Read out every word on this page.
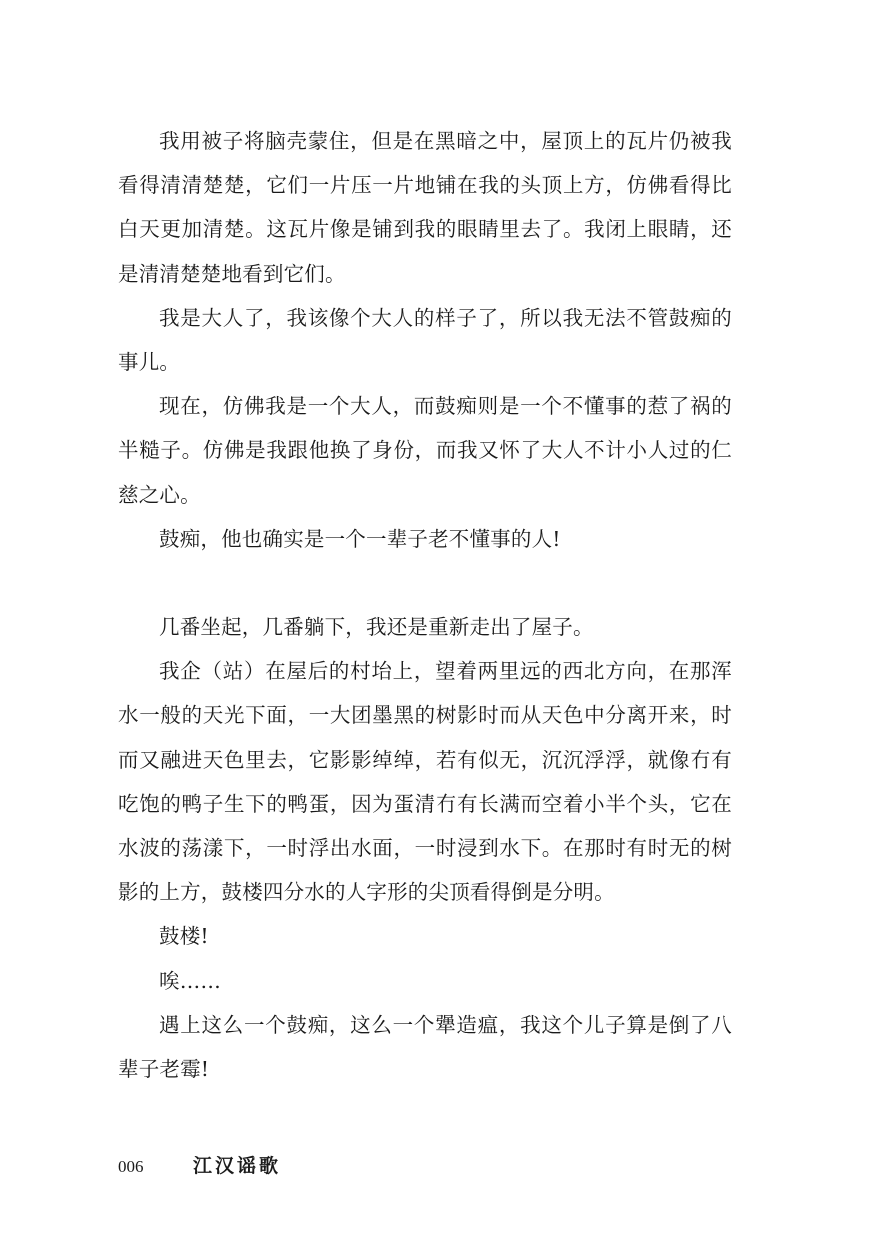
我用被子将脑壳蒙住，但是在黑暗之中，屋顶上的瓦片仍被我看得清清楚楚，它们一片压一片地铺在我的头顶上方，仿佛看得比白天更加清楚。这瓦片像是铺到我的眼睛里去了。我闭上眼睛，还是清清楚楚地看到它们。

我是大人了，我该像个大人的样子了，所以我无法不管鼓痴的事儿。

现在，仿佛我是一个大人，而鼓痴则是一个不懂事的惹了祸的半糙子。仿佛是我跟他换了身份，而我又怀了大人不计小人过的仁慈之心。

鼓痴，他也确实是一个一辈子老不懂事的人!

几番坐起，几番躺下，我还是重新走出了屋子。

我企（站）在屋后的村坮上，望着两里远的西北方向，在那浑水一般的天光下面，一大团墨黑的树影时而从天色中分离开来，时而又融进天色里去，它影影绰绰，若有似无，沉沉浮浮，就像冇有吃饱的鸭子生下的鸭蛋，因为蛋清冇有长满而空着小半个头，它在水波的荡漾下，一时浮出水面，一时浸到水下。在那时有时无的树影的上方，鼓楼四分水的人字形的尖顶看得倒是分明。

鼓楼!

唉……

遇上这么一个鼓痴，这么一个犟造瘟，我这个儿子算是倒了八辈子老霉!

006	江汉谣歌
